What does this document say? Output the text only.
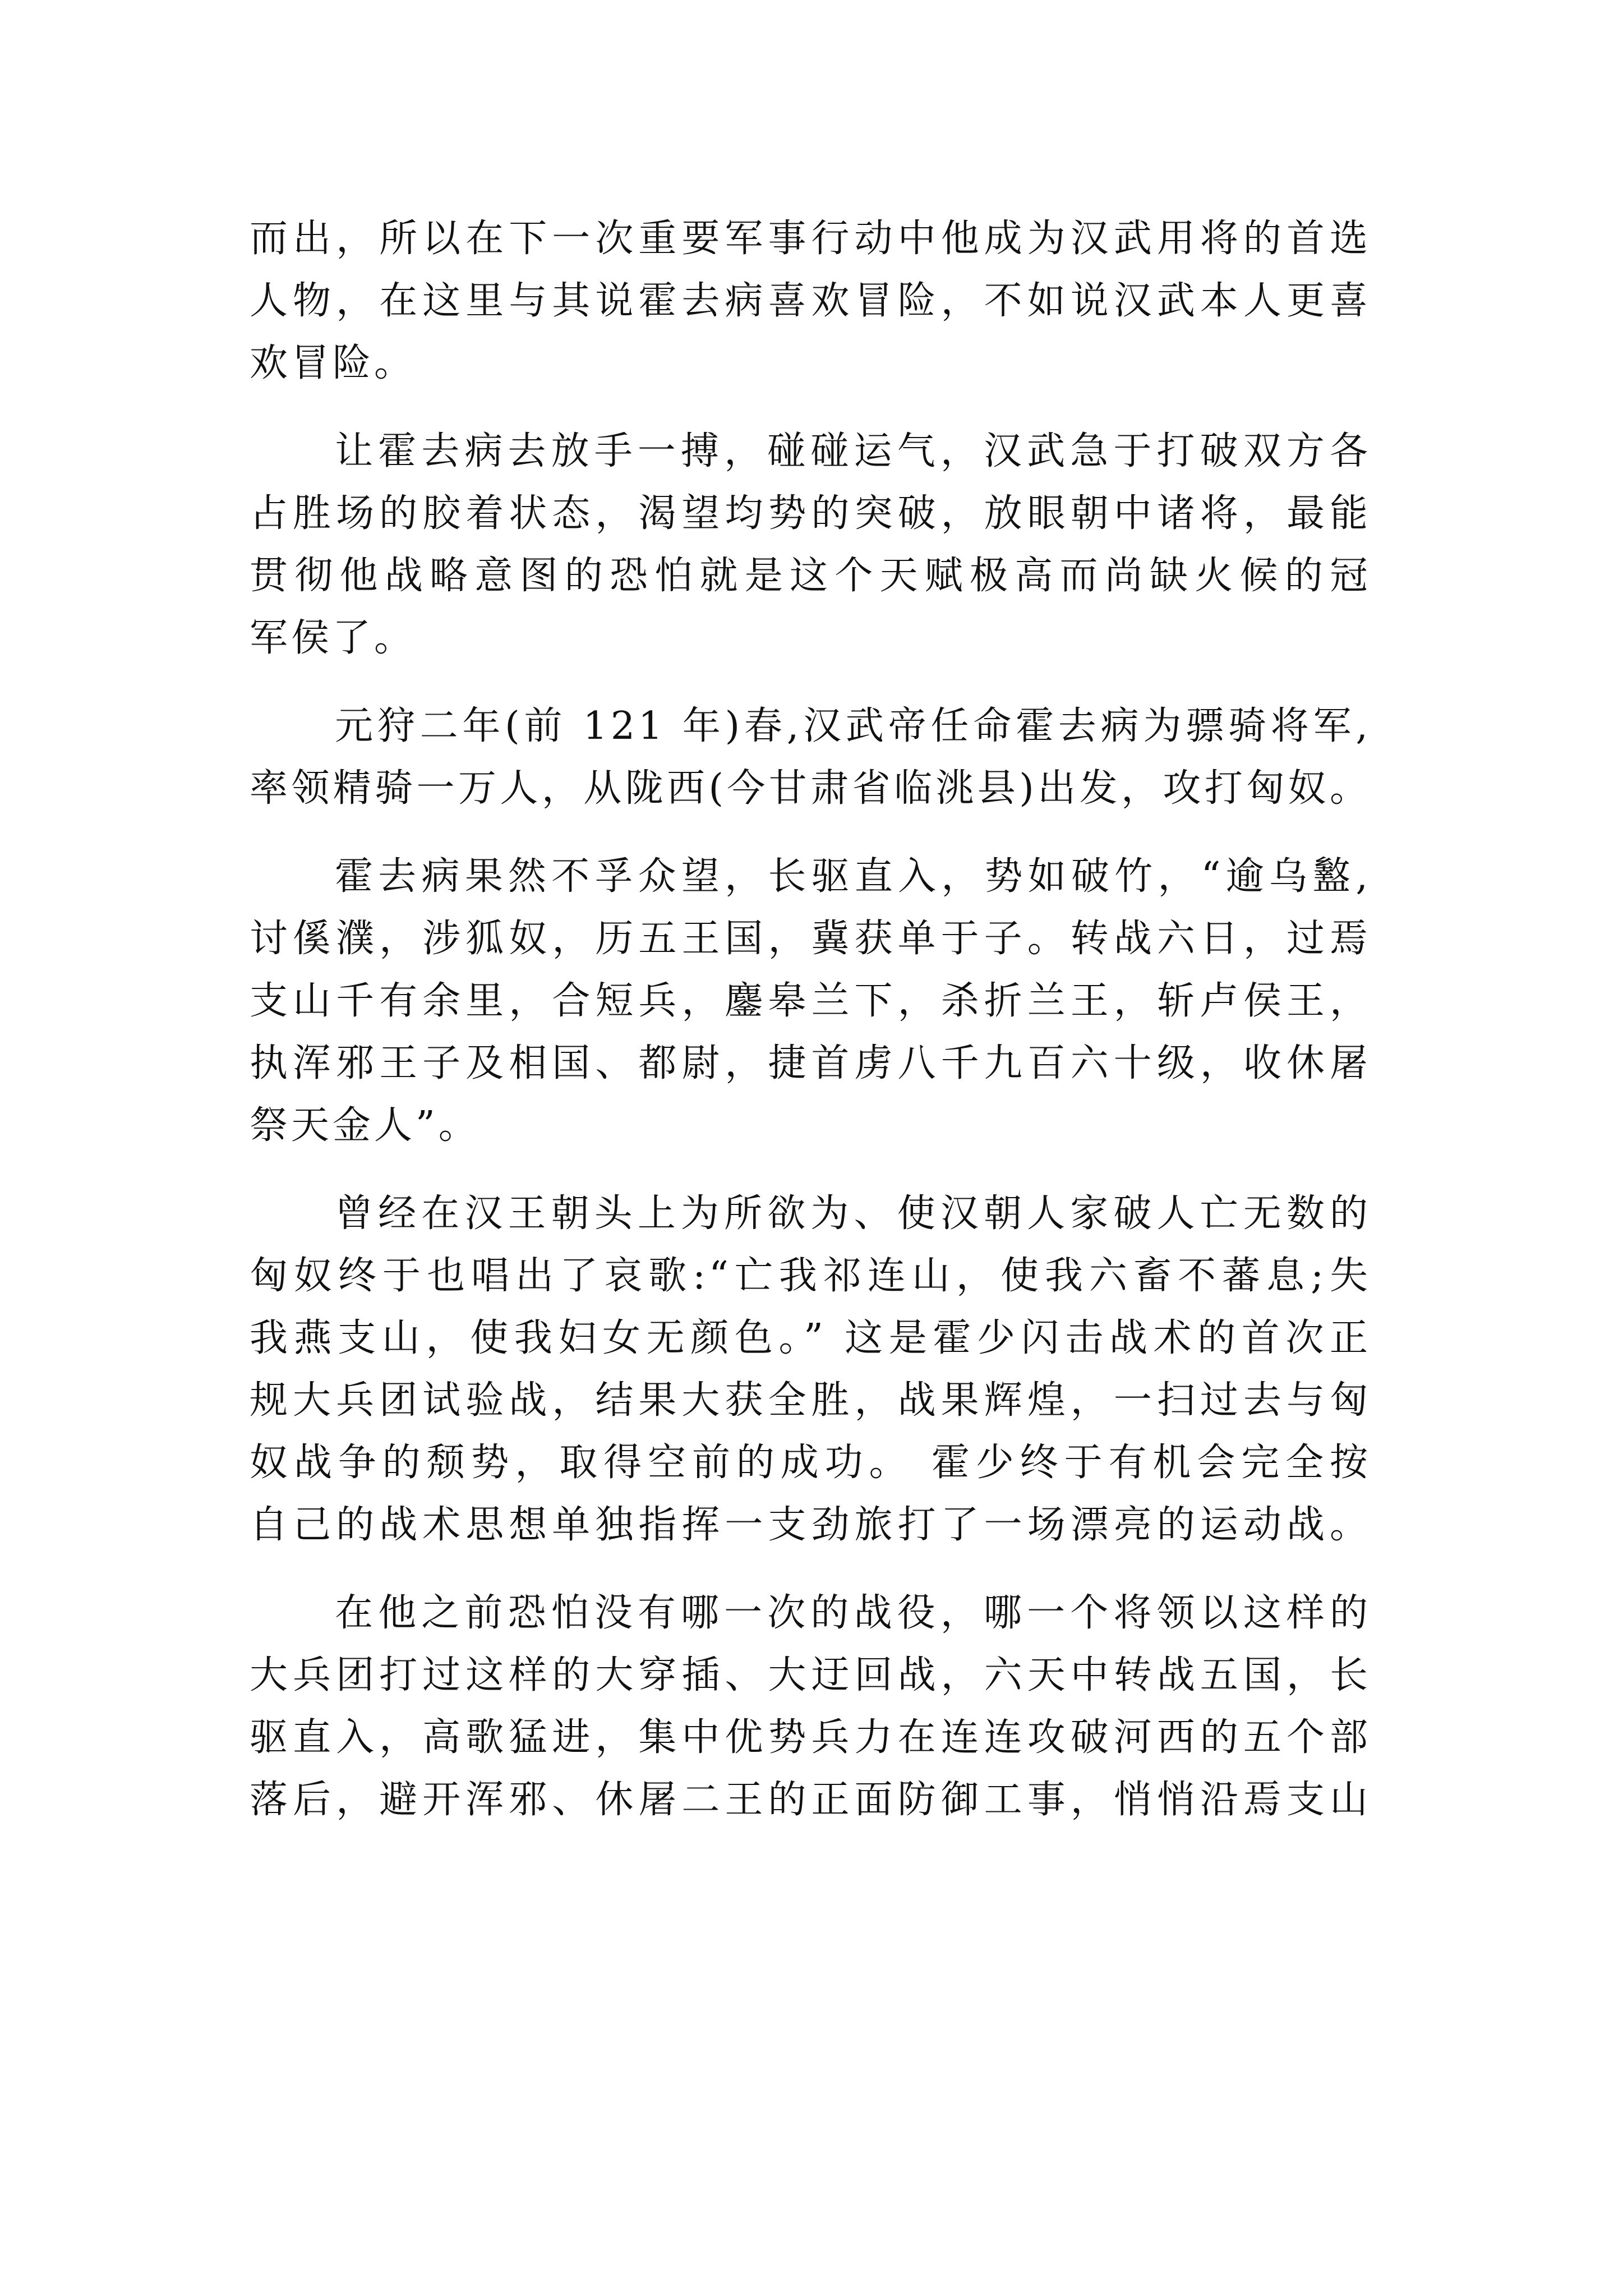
而出，所以在下一次重要军事行动中他成为汉武用将的首选
人物，在这里与其说霍去病喜欢冒险，不如说汉武本人更喜
欢冒险。
让霍去病去放手一搏，碰碰运气，汉武急于打破双方各
占胜场的胶着状态，渴望均势的突破，放眼朝中诸将，最能
贯彻他战略意图的恐怕就是这个天赋极高而尚缺火候的冠
军侯了。
元狩二年(前 121 年)春,汉武帝任命霍去病为骠骑将军,
率领精骑一万人，从陇西(今甘肃省临洮县)出发，攻打匈奴。
霍去病果然不孚众望，长驱直入，势如破竹，“逾乌盭,
讨傒濮，涉狐奴，历五王国，冀获单于子。转战六日，过焉
支山千有余里，合短兵，鏖皋兰下，杀折兰王，斩卢侯王，
执浑邪王子及相国、都尉，捷首虏八千九百六十级，收休屠
祭天金人”。
曾经在汉王朝头上为所欲为、使汉朝人家破人亡无数的
匈奴终于也唱出了哀歌:“亡我祁连山，使我六畜不蕃息;失
我燕支山，使我妇女无颜色。” 这是霍少闪击战术的首次正
规大兵团试验战，结果大获全胜，战果辉煌，一扫过去与匈
奴战争的颓势，取得空前的成功。 霍少终于有机会完全按
自己的战术思想单独指挥一支劲旅打了一场漂亮的运动战。
在他之前恐怕没有哪一次的战役，哪一个将领以这样的
大兵团打过这样的大穿插、大迂回战，六天中转战五国，长
驱直入，高歌猛进，集中优势兵力在连连攻破河西的五个部
落后，避开浑邪、休屠二王的正面防御工事，悄悄沿焉支山
